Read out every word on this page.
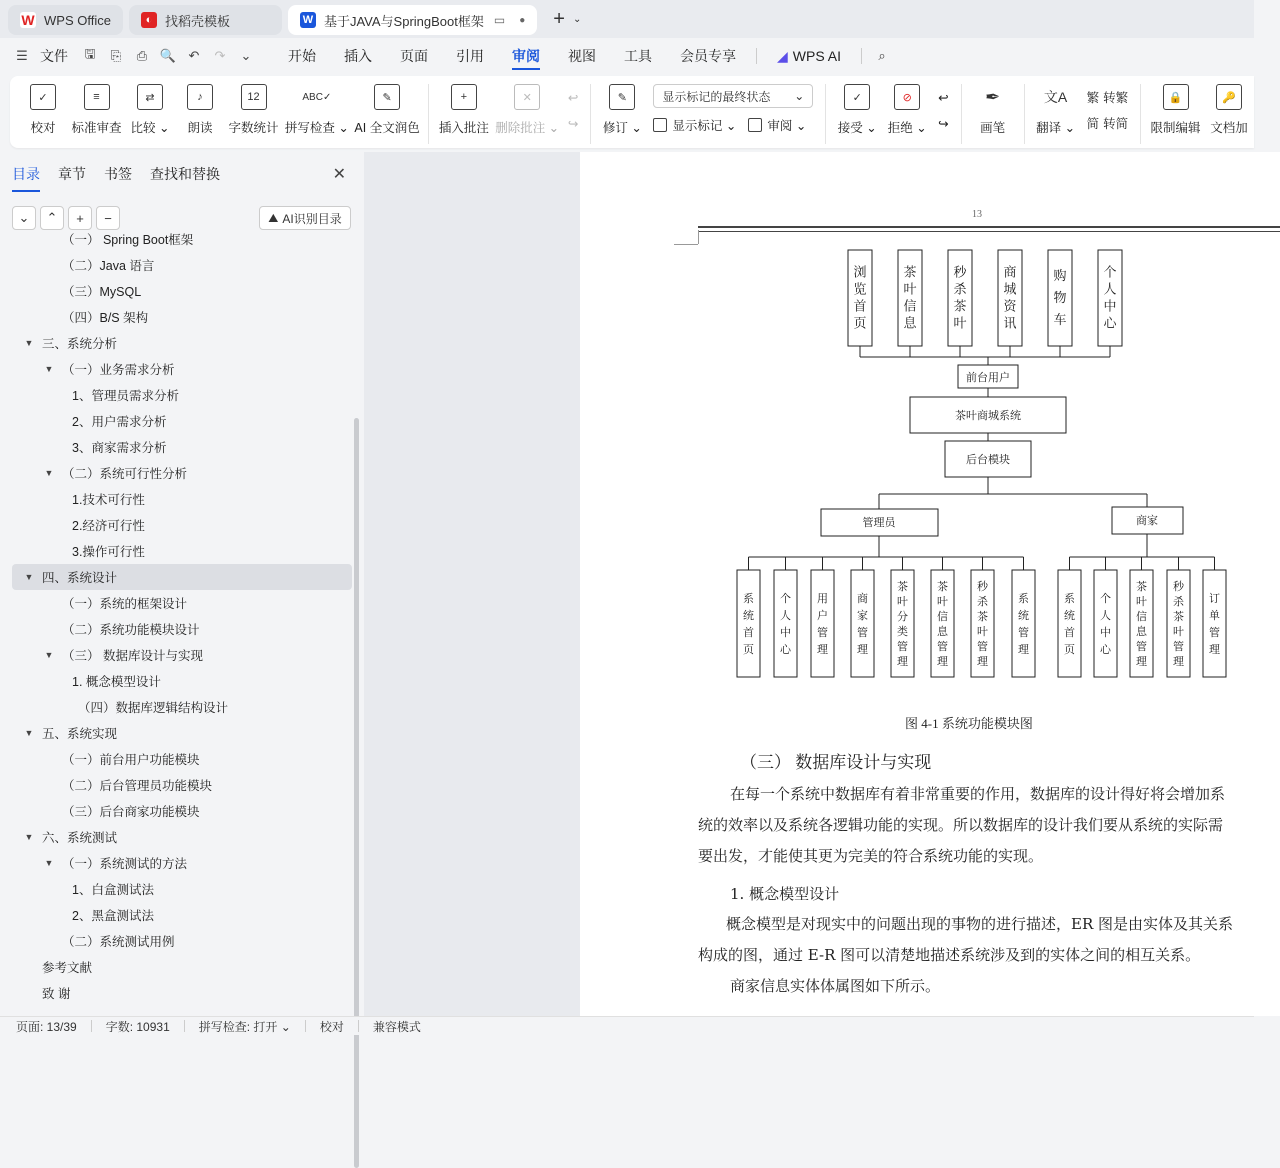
W WPS Office	◐ 找稻壳模板	W 基于JAVA与SpringBoot框架 ▭ ● + ⌄
☰ 文件 🖫 ⎘ ⎙ 🔍 ↶ ↷ ⌄	开始 插入 页面 引用 审阅 视图 工具 会员专享	◢ WPS AI	⌕
✓
校对
≡
标准审查
⇄
比较 ⌄
♪
朗读
12
字数统计
ABC✓
拼写检查 ⌄
✎
AI 全文润色
+
插入批注
✕
删除批注 ⌄
↩
↪
✎
修订 ⌄
显示标记的最终状态 ⌄
显示标记 ⌄ 审阅 ⌄
✓
接受 ⌄
⊘
拒绝 ⌄
↩
↪
✒
画笔
文A
翻译 ⌄
繁 转繁
简 转简
🔒
限制编辑
🔑
文档加
目录 章节 书签 查找和替换	✕
⌄	⌃	+	−	⛰ AI识别目录
（一） Spring Boot框架
（二）Java 语言
（三）MySQL
（四）B/S 架构
▼ 三、系统分析
▼ （一）业务需求分析
1、管理员需求分析
2、用户需求分析
3、商家需求分析
▼ （二）系统可行性分析
1.技术可行性
2.经济可行性
3.操作可行性
▼ 四、系统设计
（一）系统的框架设计
（二）系统功能模块设计
▼ （三） 数据库设计与实现
1. 概念模型设计
（四）数据库逻辑结构设计
▼ 五、系统实现
（一）前台用户功能模块
（二）后台管理员功能模块
（三）后台商家功能模块
▼ 六、系统测试
▼ （一）系统测试的方法
1、白盒测试法
2、黑盒测试法
（二）系统测试用例
参考文献
致 谢
13
浏览首页
茶叶信息
秒杀茶叶
商城资讯
购物车
个人中心
前台用户
茶叶商城系统
后台模块
管理员	商家
系统首页
个人中心
用户管理
商家管理
茶叶分类管理
茶叶信息管理
秒杀茶叶管理
系统管理
系统首页
个人中心
茶叶信息管理
秒杀茶叶管理
订单管理
图 4-1 系统功能模块图
（三） 数据库设计与实现
在每一个系统中数据库有着非常重要的作用，数据库的设计得好将会增加系
统的效率以及系统各逻辑功能的实现。所以数据库的设计我们要从系统的实际需
要出发，才能使其更为完美的符合系统功能的实现。
1. 概念模型设计
概念模型是对现实中的问题出现的事物的进行描述，ER 图是由实体及其关系
构成的图，通过 E-R 图可以清楚地描述系统涉及到的实体之间的相互关系。
商家信息实体体属图如下所示。
页面: 13/39 字数: 10931 拼写检查: 打开 ⌄ 校对 兼容模式
